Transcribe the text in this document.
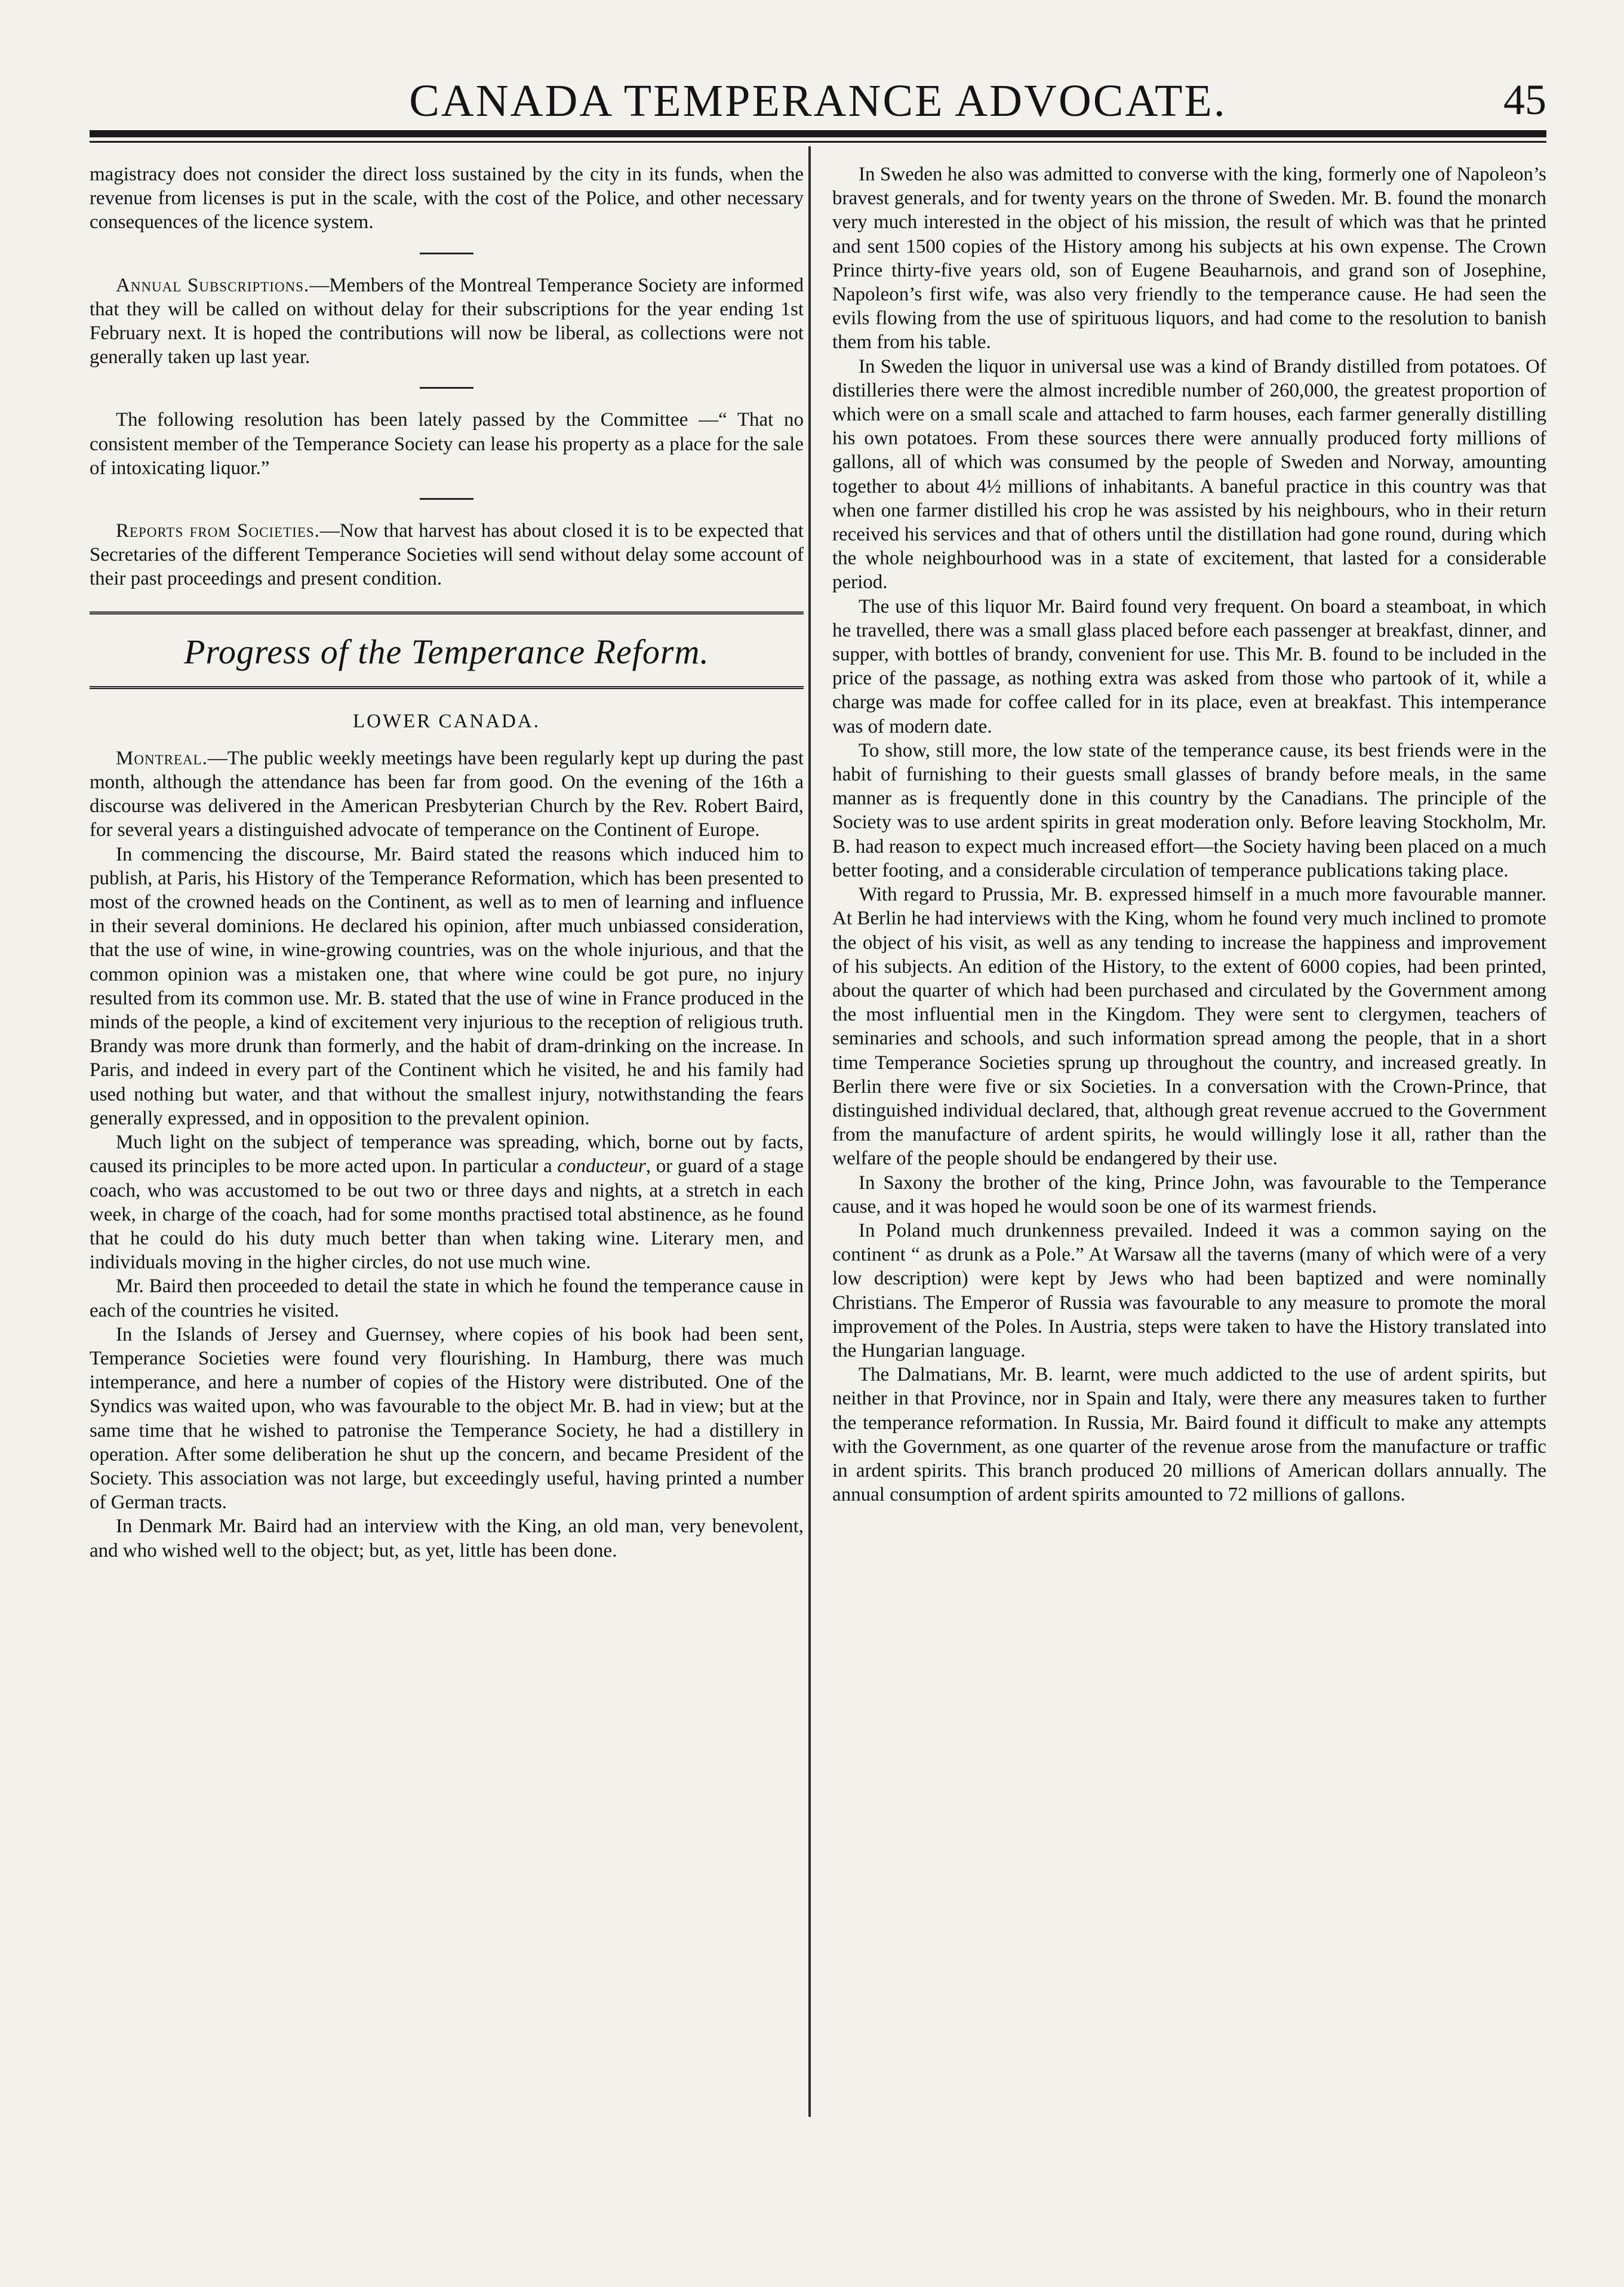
CANADA TEMPERANCE ADVOCATE.	45

magistracy does not consider the direct loss sustained by the city in its funds, when the revenue from licenses is put in the scale, with the cost of the Police, and other necessary consequences of the licence system.

Annual Subscriptions.—Members of the Montreal Temperance Society are informed that they will be called on without delay for their subscriptions for the year ending 1st February next. It is hoped the contributions will now be liberal, as collections were not generally taken up last year.

The following resolution has been lately passed by the Committee —“ That no consistent member of the Temperance Society can lease his property as a place for the sale of intoxicating liquor.”

Reports from Societies.—Now that harvest has about closed it is to be expected that Secretaries of the different Temperance Societies will send without delay some account of their past proceedings and present condition.

Progress of the Temperance Reform.
LOWER CANADA.

Montreal.—The public weekly meetings have been regularly kept up during the past month, although the attendance has been far from good. On the evening of the 16th a discourse was delivered in the American Presbyterian Church by the Rev. Robert Baird, for several years a distinguished advocate of temperance on the Continent of Europe.

In commencing the discourse, Mr. Baird stated the reasons which induced him to publish, at Paris, his History of the Temperance Reformation, which has been presented to most of the crowned heads on the Continent, as well as to men of learning and influence in their several dominions. He declared his opinion, after much unbiassed consideration, that the use of wine, in wine-growing countries, was on the whole injurious, and that the common opinion was a mistaken one, that where wine could be got pure, no injury resulted from its common use. Mr. B. stated that the use of wine in France produced in the minds of the people, a kind of excitement very injurious to the reception of religious truth. Brandy was more drunk than formerly, and the habit of dram-drinking on the increase. In Paris, and indeed in every part of the Continent which he visited, he and his family had used nothing but water, and that without the smallest injury, notwithstanding the fears generally expressed, and in opposition to the prevalent opinion.

Much light on the subject of temperance was spreading, which, borne out by facts, caused its principles to be more acted upon. In particular a conducteur, or guard of a stage coach, who was accustomed to be out two or three days and nights, at a stretch in each week, in charge of the coach, had for some months practised total abstinence, as he found that he could do his duty much better than when taking wine. Literary men, and individuals moving in the higher circles, do not use much wine.

Mr. Baird then proceeded to detail the state in which he found the temperance cause in each of the countries he visited.

In the Islands of Jersey and Guernsey, where copies of his book had been sent, Temperance Societies were found very flourishing. In Hamburg, there was much intemperance, and here a number of copies of the History were distributed. One of the Syndics was waited upon, who was favourable to the object Mr. B. had in view; but at the same time that he wished to patronise the Temperance Society, he had a distillery in operation. After some deliberation he shut up the concern, and became President of the Society. This association was not large, but exceedingly useful, having printed a number of German tracts.

In Denmark Mr. Baird had an interview with the King, an old man, very benevolent, and who wished well to the object; but, as yet, little has been done.

In Sweden he also was admitted to converse with the king, formerly one of Napoleon’s bravest generals, and for twenty years on the throne of Sweden. Mr. B. found the monarch very much interested in the object of his mission, the result of which was that he printed and sent 1500 copies of the History among his subjects at his own expense. The Crown Prince thirty-five years old, son of Eugene Beauharnois, and grand son of Josephine, Napoleon’s first wife, was also very friendly to the temperance cause. He had seen the evils flowing from the use of spirituous liquors, and had come to the resolution to banish them from his table.

In Sweden the liquor in universal use was a kind of Brandy distilled from potatoes. Of distilleries there were the almost incredible number of 260,000, the greatest proportion of which were on a small scale and attached to farm houses, each farmer generally distilling his own potatoes. From these sources there were annually produced forty millions of gallons, all of which was consumed by the people of Sweden and Norway, amounting together to about 4½ millions of inhabitants. A baneful practice in this country was that when one farmer distilled his crop he was assisted by his neighbours, who in their return received his services and that of others until the distillation had gone round, during which the whole neighbourhood was in a state of excitement, that lasted for a considerable period.

The use of this liquor Mr. Baird found very frequent. On board a steamboat, in which he travelled, there was a small glass placed before each passenger at breakfast, dinner, and supper, with bottles of brandy, convenient for use. This Mr. B. found to be included in the price of the passage, as nothing extra was asked from those who partook of it, while a charge was made for coffee called for in its place, even at breakfast. This intemperance was of modern date.

To show, still more, the low state of the temperance cause, its best friends were in the habit of furnishing to their guests small glasses of brandy before meals, in the same manner as is frequently done in this country by the Canadians. The principle of the Society was to use ardent spirits in great moderation only. Before leaving Stockholm, Mr. B. had reason to expect much increased effort—the Society having been placed on a much better footing, and a considerable circulation of temperance publications taking place.

With regard to Prussia, Mr. B. expressed himself in a much more favourable manner. At Berlin he had interviews with the King, whom he found very much inclined to promote the object of his visit, as well as any tending to increase the happiness and improvement of his subjects. An edition of the History, to the extent of 6000 copies, had been printed, about the quarter of which had been purchased and circulated by the Government among the most influential men in the Kingdom. They were sent to clergymen, teachers of seminaries and schools, and such information spread among the people, that in a short time Temperance Societies sprung up throughout the country, and increased greatly. In Berlin there were five or six Societies. In a conversation with the Crown-Prince, that distinguished individual declared, that, although great revenue accrued to the Government from the manufacture of ardent spirits, he would willingly lose it all, rather than the welfare of the people should be endangered by their use.

In Saxony the brother of the king, Prince John, was favourable to the Temperance cause, and it was hoped he would soon be one of its warmest friends.

In Poland much drunkenness prevailed. Indeed it was a common saying on the continent “ as drunk as a Pole.” At Warsaw all the taverns (many of which were of a very low description) were kept by Jews who had been baptized and were nominally Christians. The Emperor of Russia was favourable to any measure to promote the moral improvement of the Poles. In Austria, steps were taken to have the History translated into the Hungarian language.

The Dalmatians, Mr. B. learnt, were much addicted to the use of ardent spirits, but neither in that Province, nor in Spain and Italy, were there any measures taken to further the temperance reformation. In Russia, Mr. Baird found it difficult to make any attempts with the Government, as one quarter of the revenue arose from the manufacture or traffic in ardent spirits. This branch produced 20 millions of American dollars annually. The annual consumption of ardent spirits amounted to 72 millions of gallons.
